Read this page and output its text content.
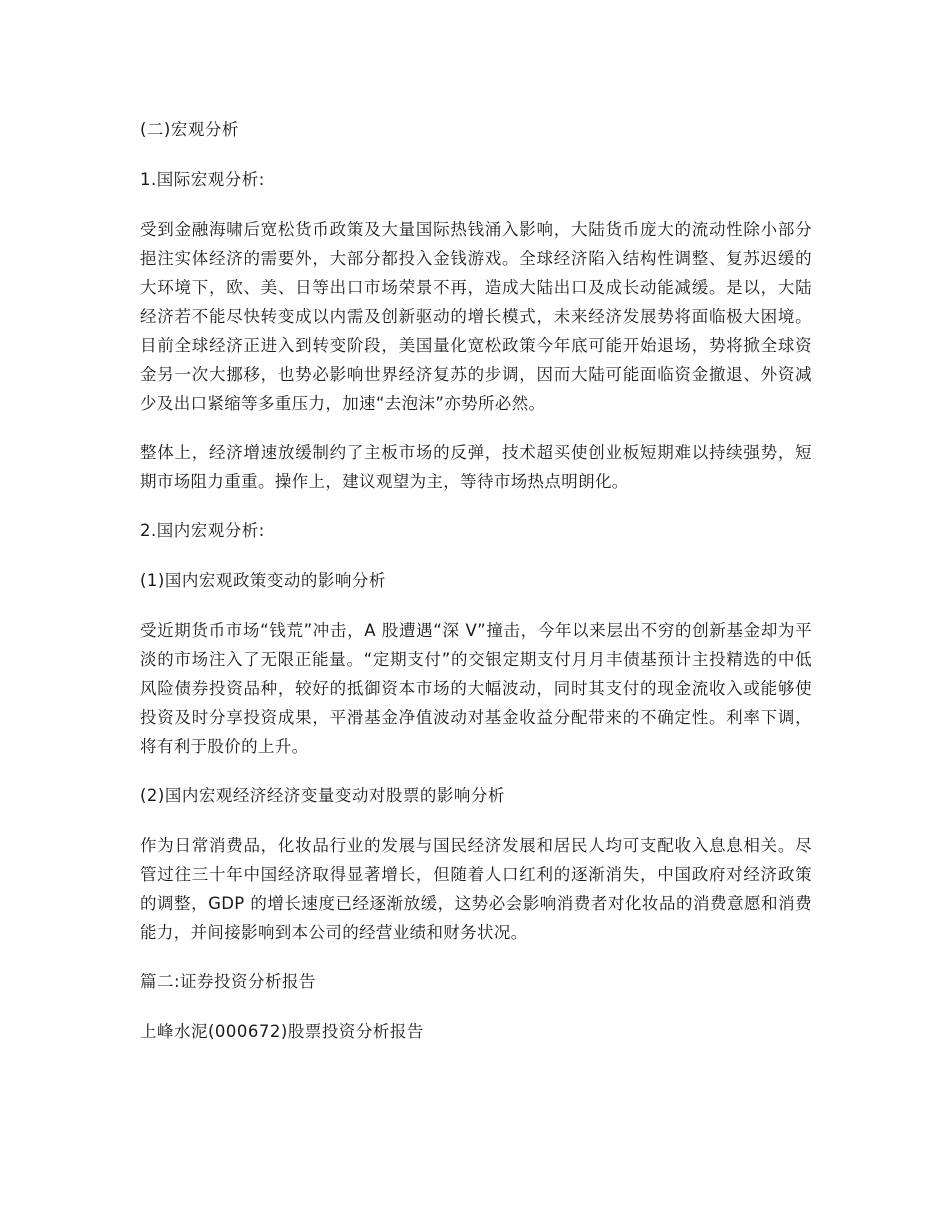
(二)宏观分析
1.国际宏观分析:
受到金融海啸后宽松货币政策及大量国际热钱涌入影响，大陆货币庞大的流动性除小部分挹注实体经济的需要外，大部分都投入金钱游戏。全球经济陷入结构性调整、复苏迟缓的大环境下，欧、美、日等出口市场荣景不再，造成大陆出口及成长动能减缓。是以，大陆经济若不能尽快转变成以内需及创新驱动的增长模式，未来经济发展势将面临极大困境。目前全球经济正进入到转变阶段，美国量化宽松政策今年底可能开始退场，势将掀全球资金另一次大挪移，也势必影响世界经济复苏的步调，因而大陆可能面临资金撤退、外资减少及出口紧缩等多重压力，加速“去泡沫”亦势所必然。
整体上，经济增速放缓制约了主板市场的反弹，技术超买使创业板短期难以持续强势，短期市场阻力重重。操作上，建议观望为主，等待市场热点明朗化。
2.国内宏观分析:
(1)国内宏观政策变动的影响分析
受近期货币市场“钱荒”冲击，A 股遭遇“深 V”撞击，今年以来层出不穷的创新基金却为平淡的市场注入了无限正能量。“定期支付”的交银定期支付月月丰债基预计主投精选的中低风险债券投资品种，较好的抵御资本市场的大幅波动，同时其支付的现金流收入或能够使投资及时分享投资成果，平滑基金净值波动对基金收益分配带来的不确定性。利率下调，将有利于股价的上升。
(2)国内宏观经济经济变量变动对股票的影响分析
作为日常消费品，化妆品行业的发展与国民经济发展和居民人均可支配收入息息相关。尽管过往三十年中国经济取得显著增长，但随着人口红利的逐渐消失，中国政府对经济政策的调整，GDP 的增长速度已经逐渐放缓，这势必会影响消费者对化妆品的消费意愿和消费能力，并间接影响到本公司的经营业绩和财务状况。
篇二:证券投资分析报告
上峰水泥(000672)股票投资分析报告
